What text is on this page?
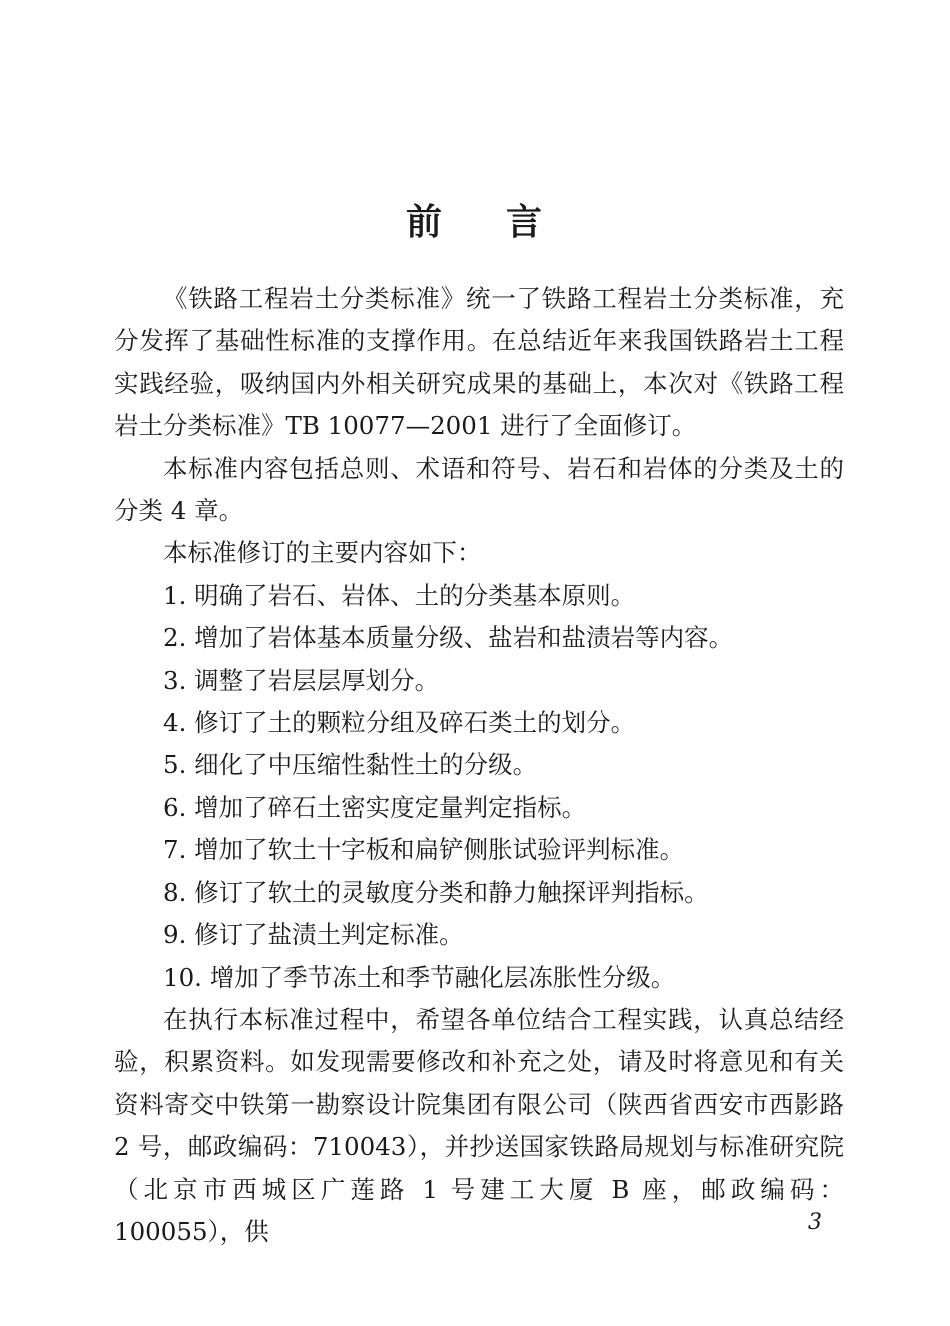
前 言

《铁路工程岩土分类标准》统一了铁路工程岩土分类标准，充分发挥了基础性标准的支撑作用。在总结近年来我国铁路岩土工程实践经验，吸纳国内外相关研究成果的基础上，本次对《铁路工程岩土分类标准》TB 10077—2001 进行了全面修订。

本标准内容包括总则、术语和符号、岩石和岩体的分类及土的分类 4 章。

本标准修订的主要内容如下：

1. 明确了岩石、岩体、土的分类基本原则。

2. 增加了岩体基本质量分级、盐岩和盐渍岩等内容。

3. 调整了岩层层厚划分。

4. 修订了土的颗粒分组及碎石类土的划分。

5. 细化了中压缩性黏性土的分级。

6. 增加了碎石土密实度定量判定指标。

7. 增加了软土十字板和扁铲侧胀试验评判标准。

8. 修订了软土的灵敏度分类和静力触探评判指标。

9. 修订了盐渍土判定标准。

10. 增加了季节冻土和季节融化层冻胀性分级。

在执行本标准过程中，希望各单位结合工程实践，认真总结经验，积累资料。如发现需要修改和补充之处，请及时将意见和有关资料寄交中铁第一勘察设计院集团有限公司（陕西省西安市西影路 2 号，邮政编码：710043），并抄送国家铁路局规划与标准研究院（北京市西城区广莲路 1 号建工大厦 B 座，邮政编码：100055），供	3
